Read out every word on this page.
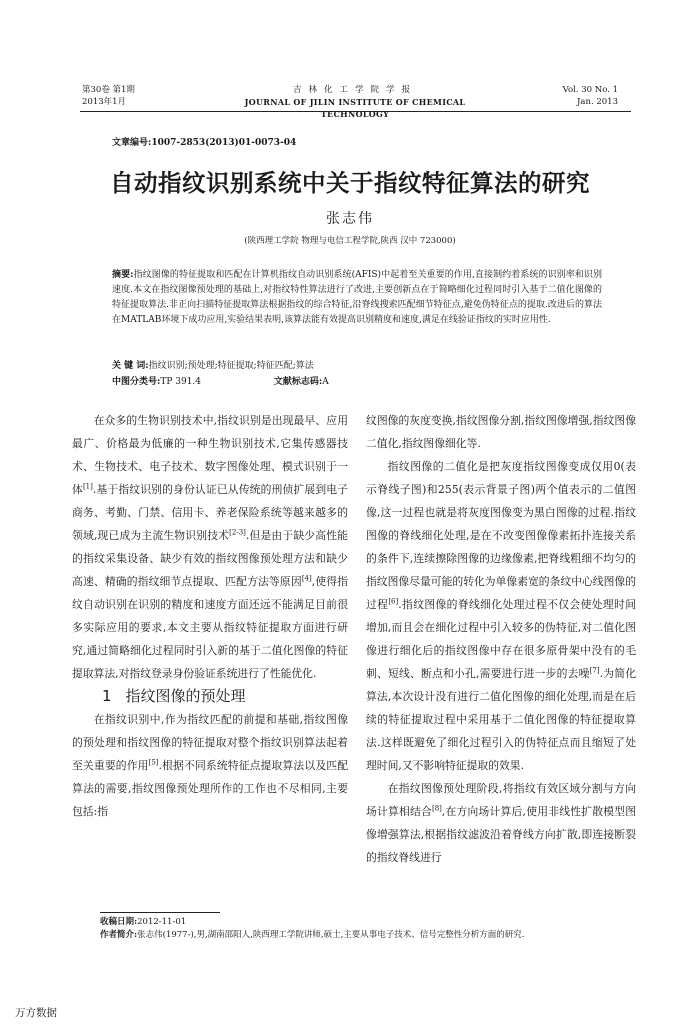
第30卷 第1期
2013年1月
吉林化工学院学报
JOURNAL OF JILIN INSTITUTE OF CHEMICAL TECHNOLOGY
Vol. 30 No. 1
Jan. 2013
文章编号:1007-2853(2013)01-0073-04
自动指纹识别系统中关于指纹特征算法的研究
张志伟
(陕西理工学院 物理与电信工程学院,陕西 汉中 723000)
摘要:指纹图像的特征提取和匹配在计算机指纹自动识别系统(AFIS)中起着至关重要的作用,直接制约着系统的识别率和识别速度.本文在指纹图像预处理的基础上,对指纹特性算法进行了改进,主要创新点在于简略细化过程同时引入基于二值化图像的特征提取算法.非正向扫描特征提取算法根据指纹的综合特征,沿脊线搜索匹配细节特征点,避免伪特征点的提取.改进后的算法在MATLAB环境下成功应用,实验结果表明,该算法能有效提高识别精度和速度,满足在线验证指纹的实时应用性.
关 键 词:指纹识别;预处理;特征提取;特征匹配;算法
中图分类号:TP 391.4	文献标志码:A

在众多的生物识别技术中,指纹识别是出现最早、应用最广、价格最为低廉的一种生物识别技术,它集传感器技术、生物技术、电子技术、数字图像处理、模式识别于一体[1].基于指纹识别的身份认证已从传统的刑侦扩展到电子商务、考勤、门禁、信用卡、养老保险系统等越来越多的领域,现已成为主流生物识别技术[2-3].但是由于缺少高性能的指纹采集设备、缺少有效的指纹图像预处理方法和缺少高速、精确的指纹细节点提取、匹配方法等原因[4],使得指纹自动识别在识别的精度和速度方面还远不能满足目前很多实际应用的要求,本文主要从指纹特征提取方面进行研究,通过简略细化过程同时引入新的基于二值化图像的特征提取算法,对指纹登录身份验证系统进行了性能优化.

1 指纹图像的预处理

在指纹识别中,作为指纹匹配的前提和基础,指纹图像的预处理和指纹图像的特征提取对整个指纹识别算法起着至关重要的作用[5].根据不同系统特征点提取算法以及匹配算法的需要,指纹图像预处理所作的工作也不尽相同,主要包括:指

纹图像的灰度变换,指纹图像分割,指纹图像增强,指纹图像二值化,指纹图像细化等.

指纹图像的二值化是把灰度指纹图像变成仅用0(表示脊线子图)和255(表示背景子图)两个值表示的二值图像,这一过程也就是将灰度图像变为黑白图像的过程.指纹图像的脊线细化处理,是在不改变图像像素拓扑连接关系的条件下,连续擦除图像的边缘像素,把脊线粗细不均匀的指纹图像尽量可能的转化为单像素宽的条纹中心线图像的过程[6].指纹图像的脊线细化处理过程不仅会使处理时间增加,而且会在细化过程中引入较多的伪特征,对二值化图像进行细化后的指纹图像中存在很多原骨架中没有的毛刺、短线、断点和小孔,需要进行进一步的去噪[7].为简化算法,本次设计没有进行二值化图像的细化处理,而是在后续的特征提取过程中采用基于二值化图像的特征提取算法.这样既避免了细化过程引入的伪特征点而且缩短了处理时间,又不影响特征提取的效果.

在指纹图像预处理阶段,将指纹有效区域分割与方向场计算相结合[8],在方向场计算后,使用非线性扩散模型图像增强算法,根据指纹滤波沿着脊线方向扩散,即连接断裂的指纹脊线进行

收稿日期:2012-11-01
作者简介:张志伟(1977-),男,湖南邵阳人,陕西理工学院讲师,硕士,主要从事电子技术、信号完整性分析方面的研究.
万方数据
